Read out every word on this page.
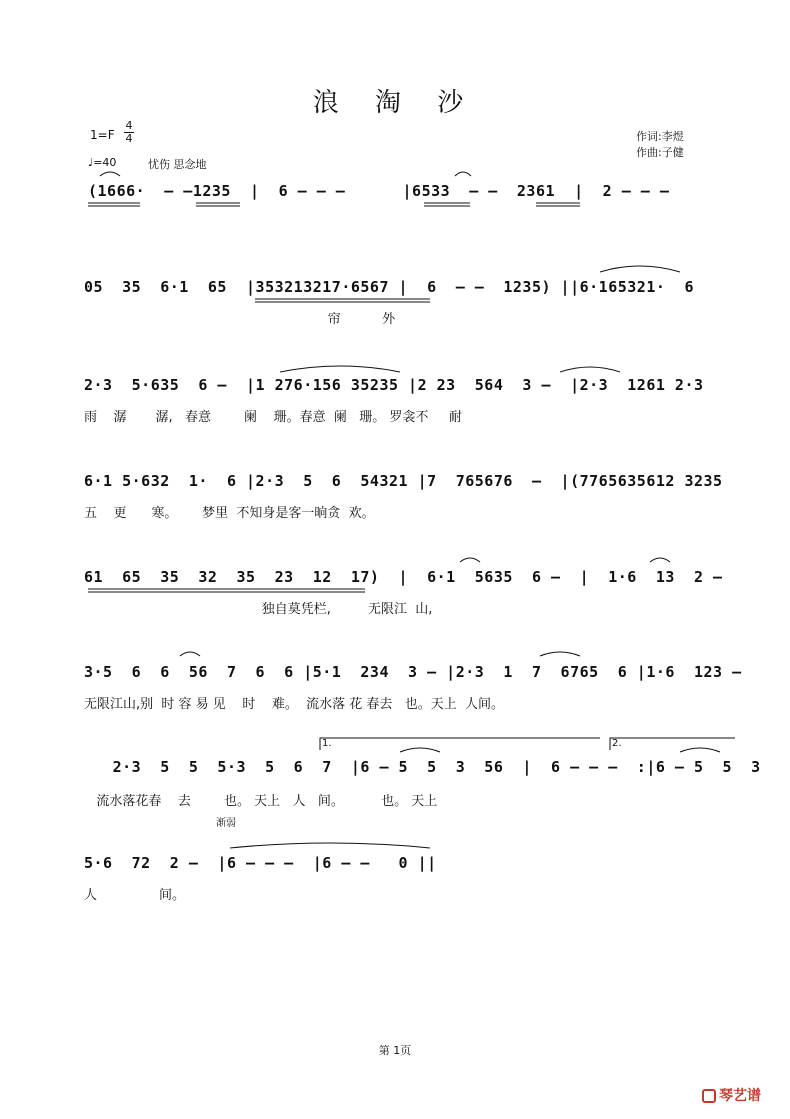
浪 淘 沙
$1=F \frac{4}{4}$
♩=40	忧伤 思念地
作词:李煜
作曲:子健
(1666·  – –1235  |  6 – – –      |6533  – –  2361  |  2 – – –
05  35  6·1  65  |353213217·6567 |  6  – –  1235) ||6·165321·  6
帘          外
2·3  5·635  6 –  |1 276·156 35235 |2 23  564  3 –  |2·3  1261 2·3
雨    潺       潺,   春意        阑    珊。春意  阑   珊。 罗衾不     耐
6·1 5·632  1·  6 |2·3  5  6  54321 |7  765676  –  |(7765635612 3235
五    更      寒。      梦里  不知身是客一晌贪  欢。
61  65  35  32  35  23  12  17)  |  6·1  5635  6 –  |  1·6  13  2 –
独自莫凭栏,         无限江  山,
3·5  6  6  56  7  6  6 |5·1  234  3 – |2·3  1  7  6765  6 |1·6  123 –
无限江山,别  时 容 易 见    时    难。  流水落 花 春去   也。天上  人间。
1.	2.
2·3  5  5  5·3  5  6  7  |6 – 5  5  3  56  |  6 – – –  :|6 – 5  5  3
流水落花春    去        也。 天上   人   间。         也。 天上
渐弱
5·6  72  2 –  |6 – – –  |6 – –   0 ||
人               间。
第 1页
琴艺谱
